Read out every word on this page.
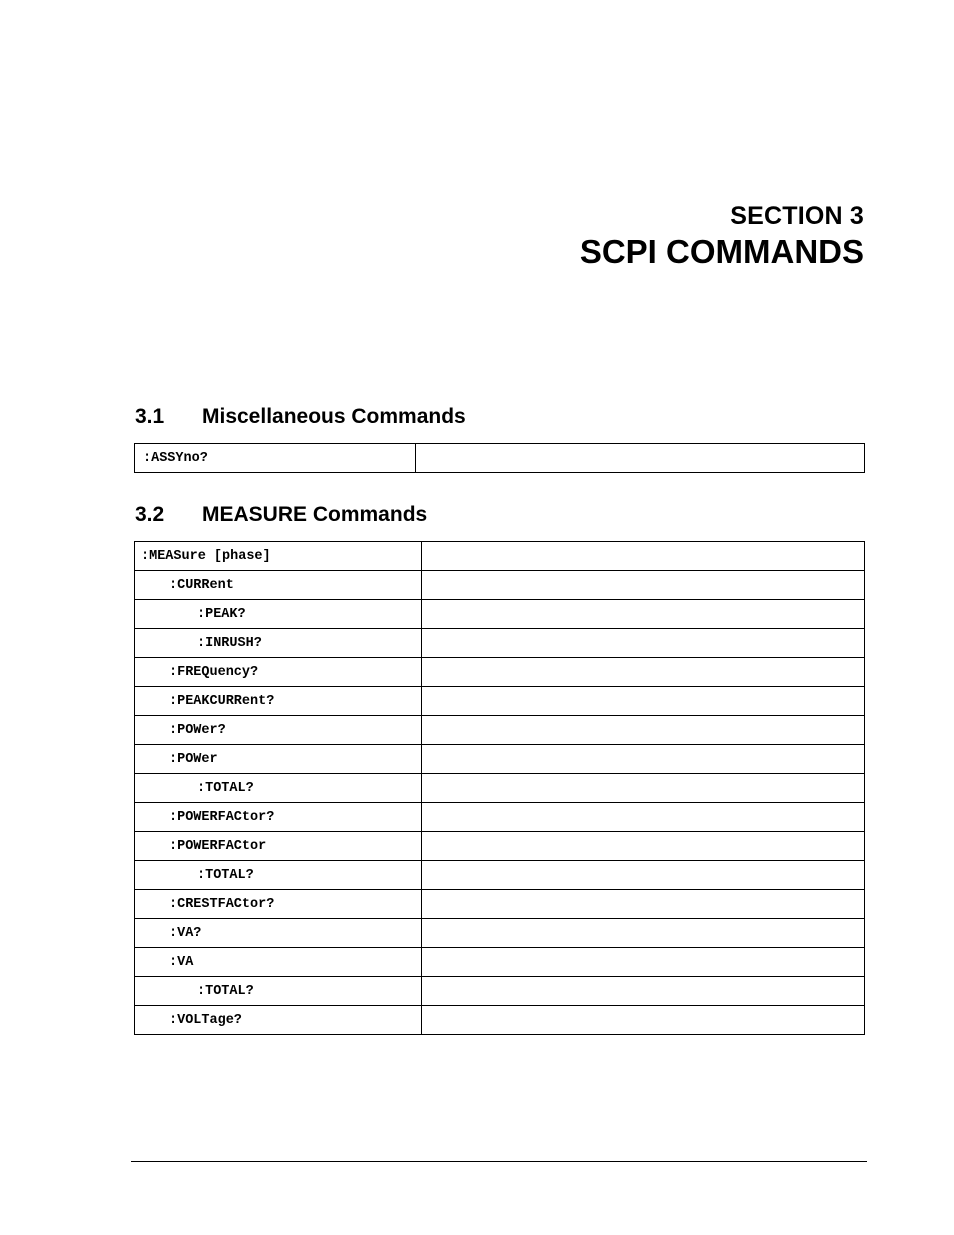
SECTION 3
SCPI COMMANDS
3.1 Miscellaneous Commands
:ASSYno?	
3.2 MEASURE Commands
:MEASure [phase]	
:CURRent	
:PEAK?	
:INRUSH?	
:FREQuency?	
:PEAKCURRent?	
:POWer?	
:POWer	
:TOTAL?	
:POWERFACtor?	
:POWERFACtor	
:TOTAL?	
:CRESTFACtor?	
:VA?	
:VA	
:TOTAL?	
:VOLTage?	
